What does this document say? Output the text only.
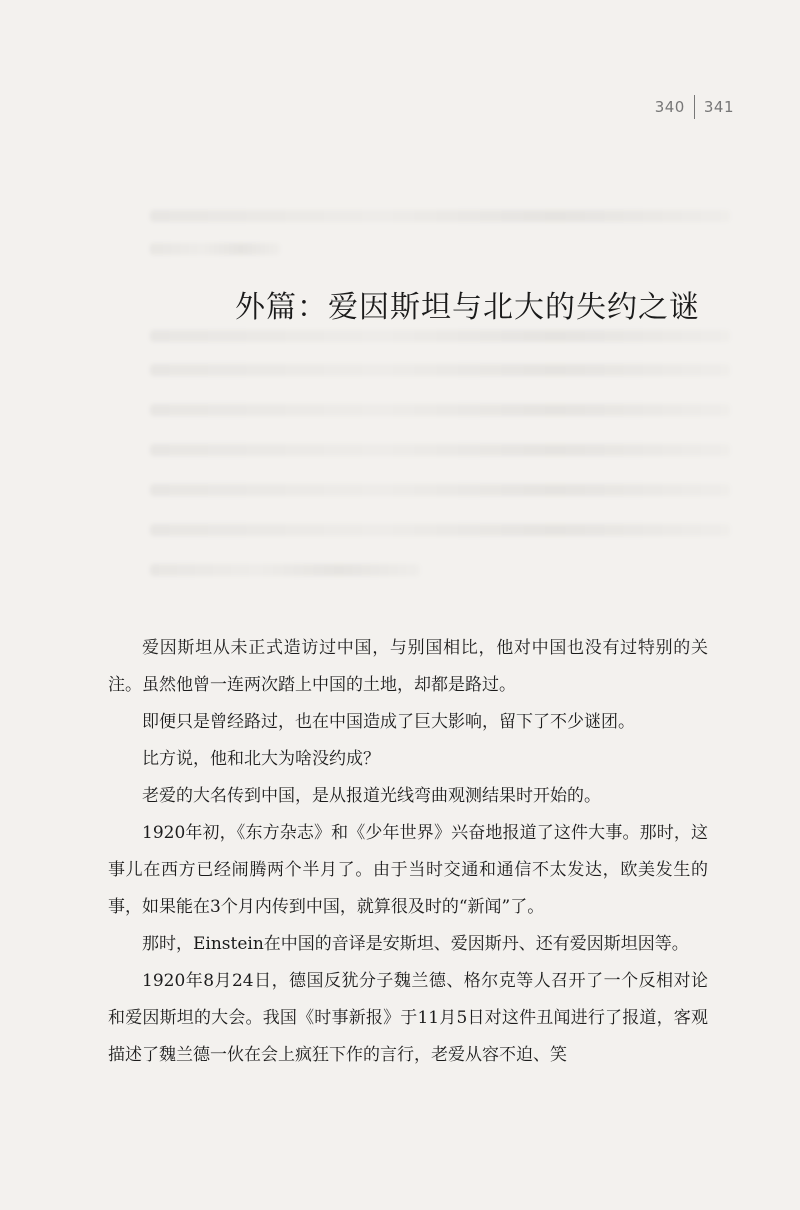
340 341
外篇：爱因斯坦与北大的失约之谜

爱因斯坦从未正式造访过中国，与别国相比，他对中国也没有过特别的关注。虽然他曾一连两次踏上中国的土地，却都是路过。

即便只是曾经路过，也在中国造成了巨大影响，留下了不少谜团。

比方说，他和北大为啥没约成？

老爱的大名传到中国，是从报道光线弯曲观测结果时开始的。

1920年初，《东方杂志》和《少年世界》兴奋地报道了这件大事。那时，这事儿在西方已经闹腾两个半月了。由于当时交通和通信不太发达，欧美发生的事，如果能在3个月内传到中国，就算很及时的“新闻”了。

那时，Einstein在中国的音译是安斯坦、爱因斯丹、还有爱因斯坦因等。

1920年8月24日，德国反犹分子魏兰德、格尔克等人召开了一个反相对论和爱因斯坦的大会。我国《时事新报》于11月5日对这件丑闻进行了报道，客观描述了魏兰德一伙在会上疯狂下作的言行，老爱从容不迫、笑
